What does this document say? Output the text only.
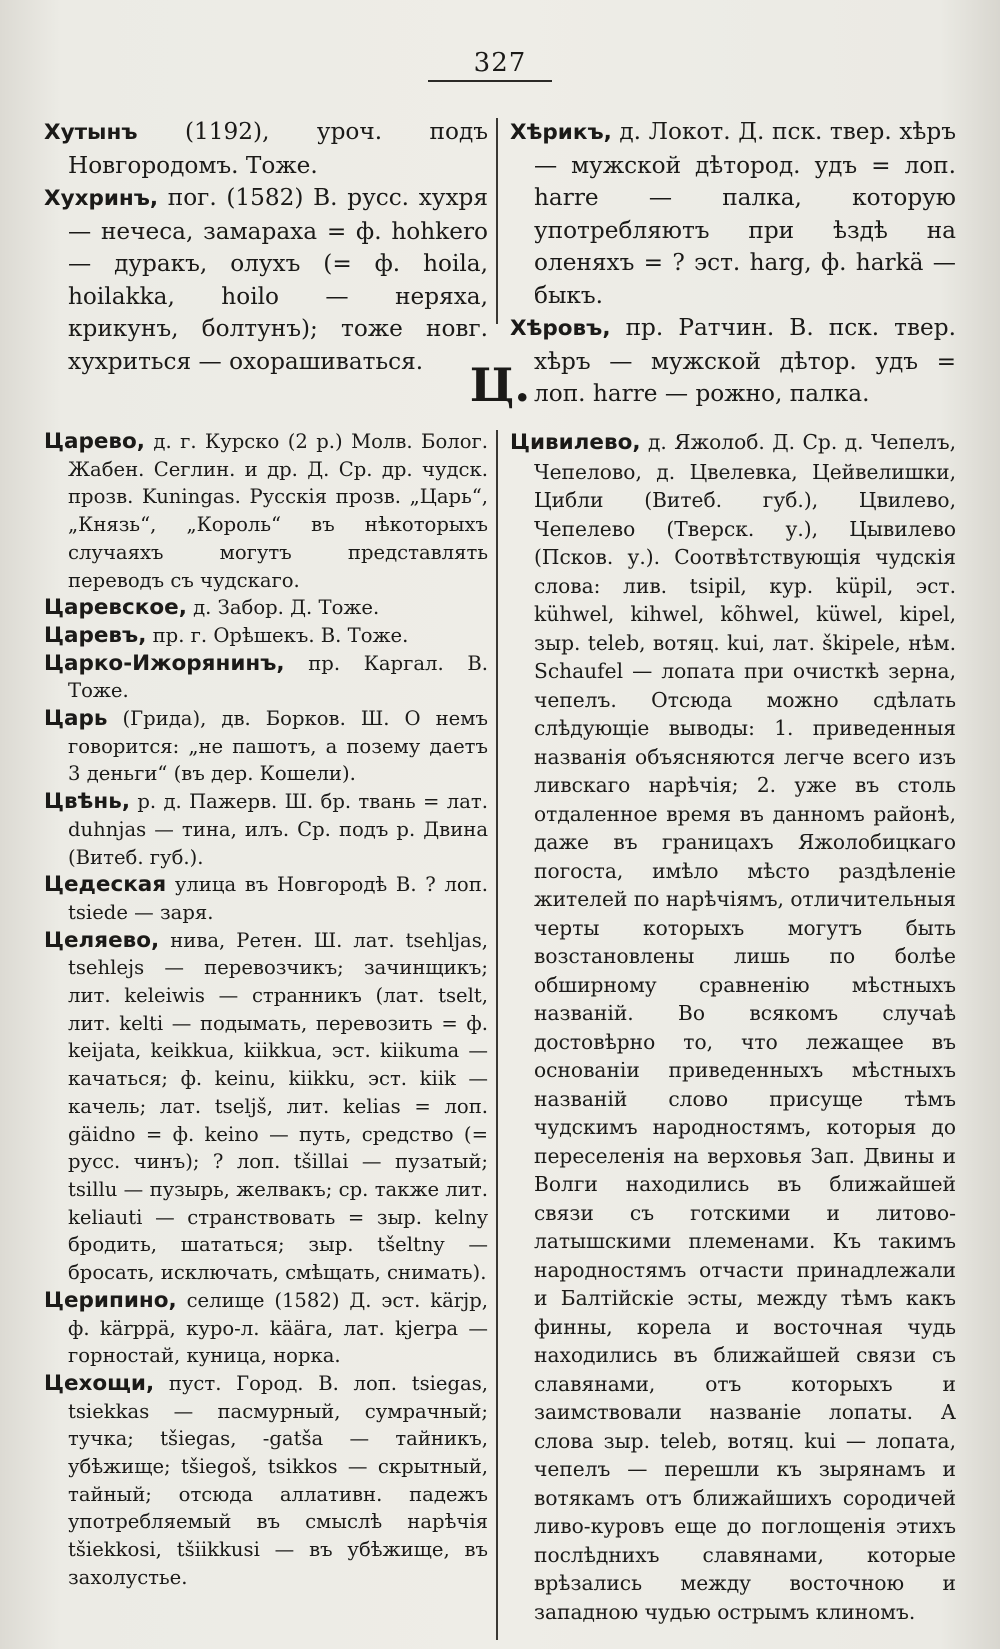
327

Хутынъ (1192), уроч. подъ Новгородомъ. Тоже.

Хухринъ, пог. (1582) В. русс. хухря — нечеса, замараха = ф. hohkero — дуракъ, олухъ (= ф. hoila, hoilakka, hoilo — неряха, крикунъ, болтунъ); тоже новг. хухриться — охорашиваться.

Хѣрикъ, д. Локот. Д. пск. твер. хѣръ — мужской дѣтород. удъ = лоп. harre — палка, которую употребляютъ при ѣздѣ на оленяхъ = ? эст. harg, ф. harkä — быкъ.

Хѣровъ, пр. Ратчин. В. пск. твер. хѣръ — мужской дѣтор. удъ = лоп. harre — рожно, палка.

Ц.

Царево, д. г. Курско (2 р.) Молв. Болог. Жабен. Сеглин. и др. Д. Ср. др. чудск. прозв. Kuningas. Русскія прозв. „Царь“, „Князь“, „Король“ въ нѣкоторыхъ случаяхъ могутъ представлять переводъ съ чудскаго.

Царевское, д. Забор. Д. Тоже.

Царевъ, пр. г. Орѣшекъ. В. Тоже.

Царко-Ижорянинъ, пр. Каргал. В. Тоже.

Царь (Грида), дв. Борков. Ш. О немъ говорится: „не пашотъ, а позему даетъ 3 деньги“ (въ дер. Кошели).

Цвѣнь, р. д. Пажерв. Ш. бр. твань = лат. duhnjas — тина, илъ. Ср. подъ р. Двина (Витеб. губ.).

Цедеская улица въ Новгородѣ В. ? лоп. tsiede — заря.

Целяево, нива, Ретен. Ш. лат. tsehljas, tsehlejs — перевозчикъ; зачинщикъ; лит. keleiwis — странникъ (лат. tselt, лит. kelti — подымать, перевозить = ф. keijata, keikkua, kiikkua, эст. kiikuma — качаться; ф. keinu, kiikku, эст. kiik — качель; лат. tseljš, лит. kelias = лоп. gäidno = ф. keino — путь, средство (= русс. чинъ); ? лоп. tšillai — пузатый; tsillu — пузырь, желвакъ; ср. также лит. keliauti — странствовать = зыр. kelny бродить, шататься; зыр. tšeltny — бросать, исключать, смѣщать, снимать).

Церипино, селище (1582) Д. эст. kärjp, ф. kärppä, куро-л. kääгa, лат. kjerpa — горностай, куница, норка.

Цехощи, пуст. Город. В. лоп. tsiegas, tsiekkas — пасмурный, сумрачный; тучка; tšiegas, -gatša — тайникъ, убѣжище; tšiegoš, tsikkos — скрытный, тайный; отсюда аллативн. падежъ употребляемый въ смыслѣ нарѣчія tšiekkosi, tšiikkusi — въ убѣжище, въ захолустье.

Цивилево, д. Яжолоб. Д. Ср. д. Чепелъ, Чепелово, д. Цвелевка, Цейвелишки, Цибли (Витеб. губ.), Цвилево, Чепелево (Тверск. у.), Цывилево (Псков. у.). Соотвѣтствующія чудскія слова: лив. tsipil, кур. küpil, эст. kühwel, kihwel, kõhwel, küwel, kipel, зыр. teleb, вотяц. kui, лат. škipele, нѣм. Schaufel — лопата при очисткѣ зерна, чепелъ. Отсюда можно сдѣлать слѣдующіе выводы: 1. приведенныя названія объясняются легче всего изъ ливскаго нарѣчія; 2. уже въ столь отдаленное время въ данномъ районѣ, даже въ границахъ Яжолобицкаго погоста, имѣло мѣсто раздѣленіе жителей по нарѣчіямъ, отличительныя черты которыхъ могутъ быть возстановлены лишь по болѣе обширному сравненію мѣстныхъ названій. Во всякомъ случаѣ достовѣрно то, что лежащее въ основаніи приведенныхъ мѣстныхъ названій слово присуще тѣмъ чудскимъ народностямъ, которыя до переселенія на верховья Зап. Двины и Волги находились въ ближайшей связи съ готскими и литово-латышскими племенами. Къ такимъ народностямъ отчасти принадлежали и Балтійскіе эсты, между тѣмъ какъ финны, корела и восточная чудь находились въ ближайшей связи съ славянами, отъ которыхъ и заимствовали названіе лопаты. А слова зыр. teleb, вотяц. kui — лопата, чепелъ — перешли къ зырянамъ и вотякамъ отъ ближайшихъ сородичей ливо-куровъ еще до поглощенія этихъ послѣднихъ славянами, которые врѣзались между восточною и западною чудью острымъ клиномъ.
